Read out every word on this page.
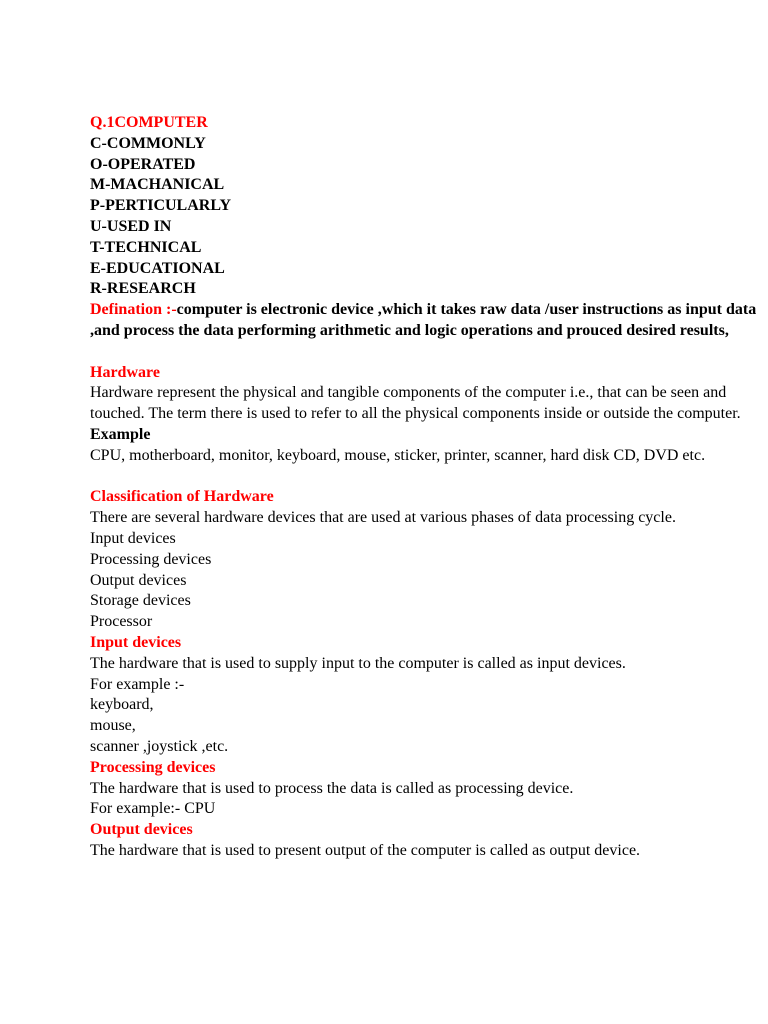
Q.1COMPUTER
C-COMMONLY
O-OPERATED
M-MACHANICAL
P-PERTICULARLY
U-USED IN
T-TECHNICAL
E-EDUCATIONAL
R-RESEARCH
Defination :-computer is electronic device ,which it takes raw data /user instructions as input data ,and process the data performing arithmetic and logic operations and prouced desired results,
Hardware
Hardware represent the physical and tangible components of the computer i.e., that can be seen and touched. The term there is used to refer to all the physical components inside or outside the computer.
Example
CPU, motherboard, monitor, keyboard, mouse, sticker, printer, scanner, hard disk CD, DVD etc.
Classification of Hardware
There are several hardware devices that are used at various phases of data processing cycle.
Input devices
Processing devices
Output devices
Storage devices
Processor
Input devices
The hardware that is used to supply input to the computer is called as input devices.
For example :-
keyboard,
mouse,
scanner ,joystick ,etc.
Processing devices
The hardware that is used to process the data is called as processing device.
For example:- CPU
Output devices
The hardware that is used to present output of the computer is called as output device.
